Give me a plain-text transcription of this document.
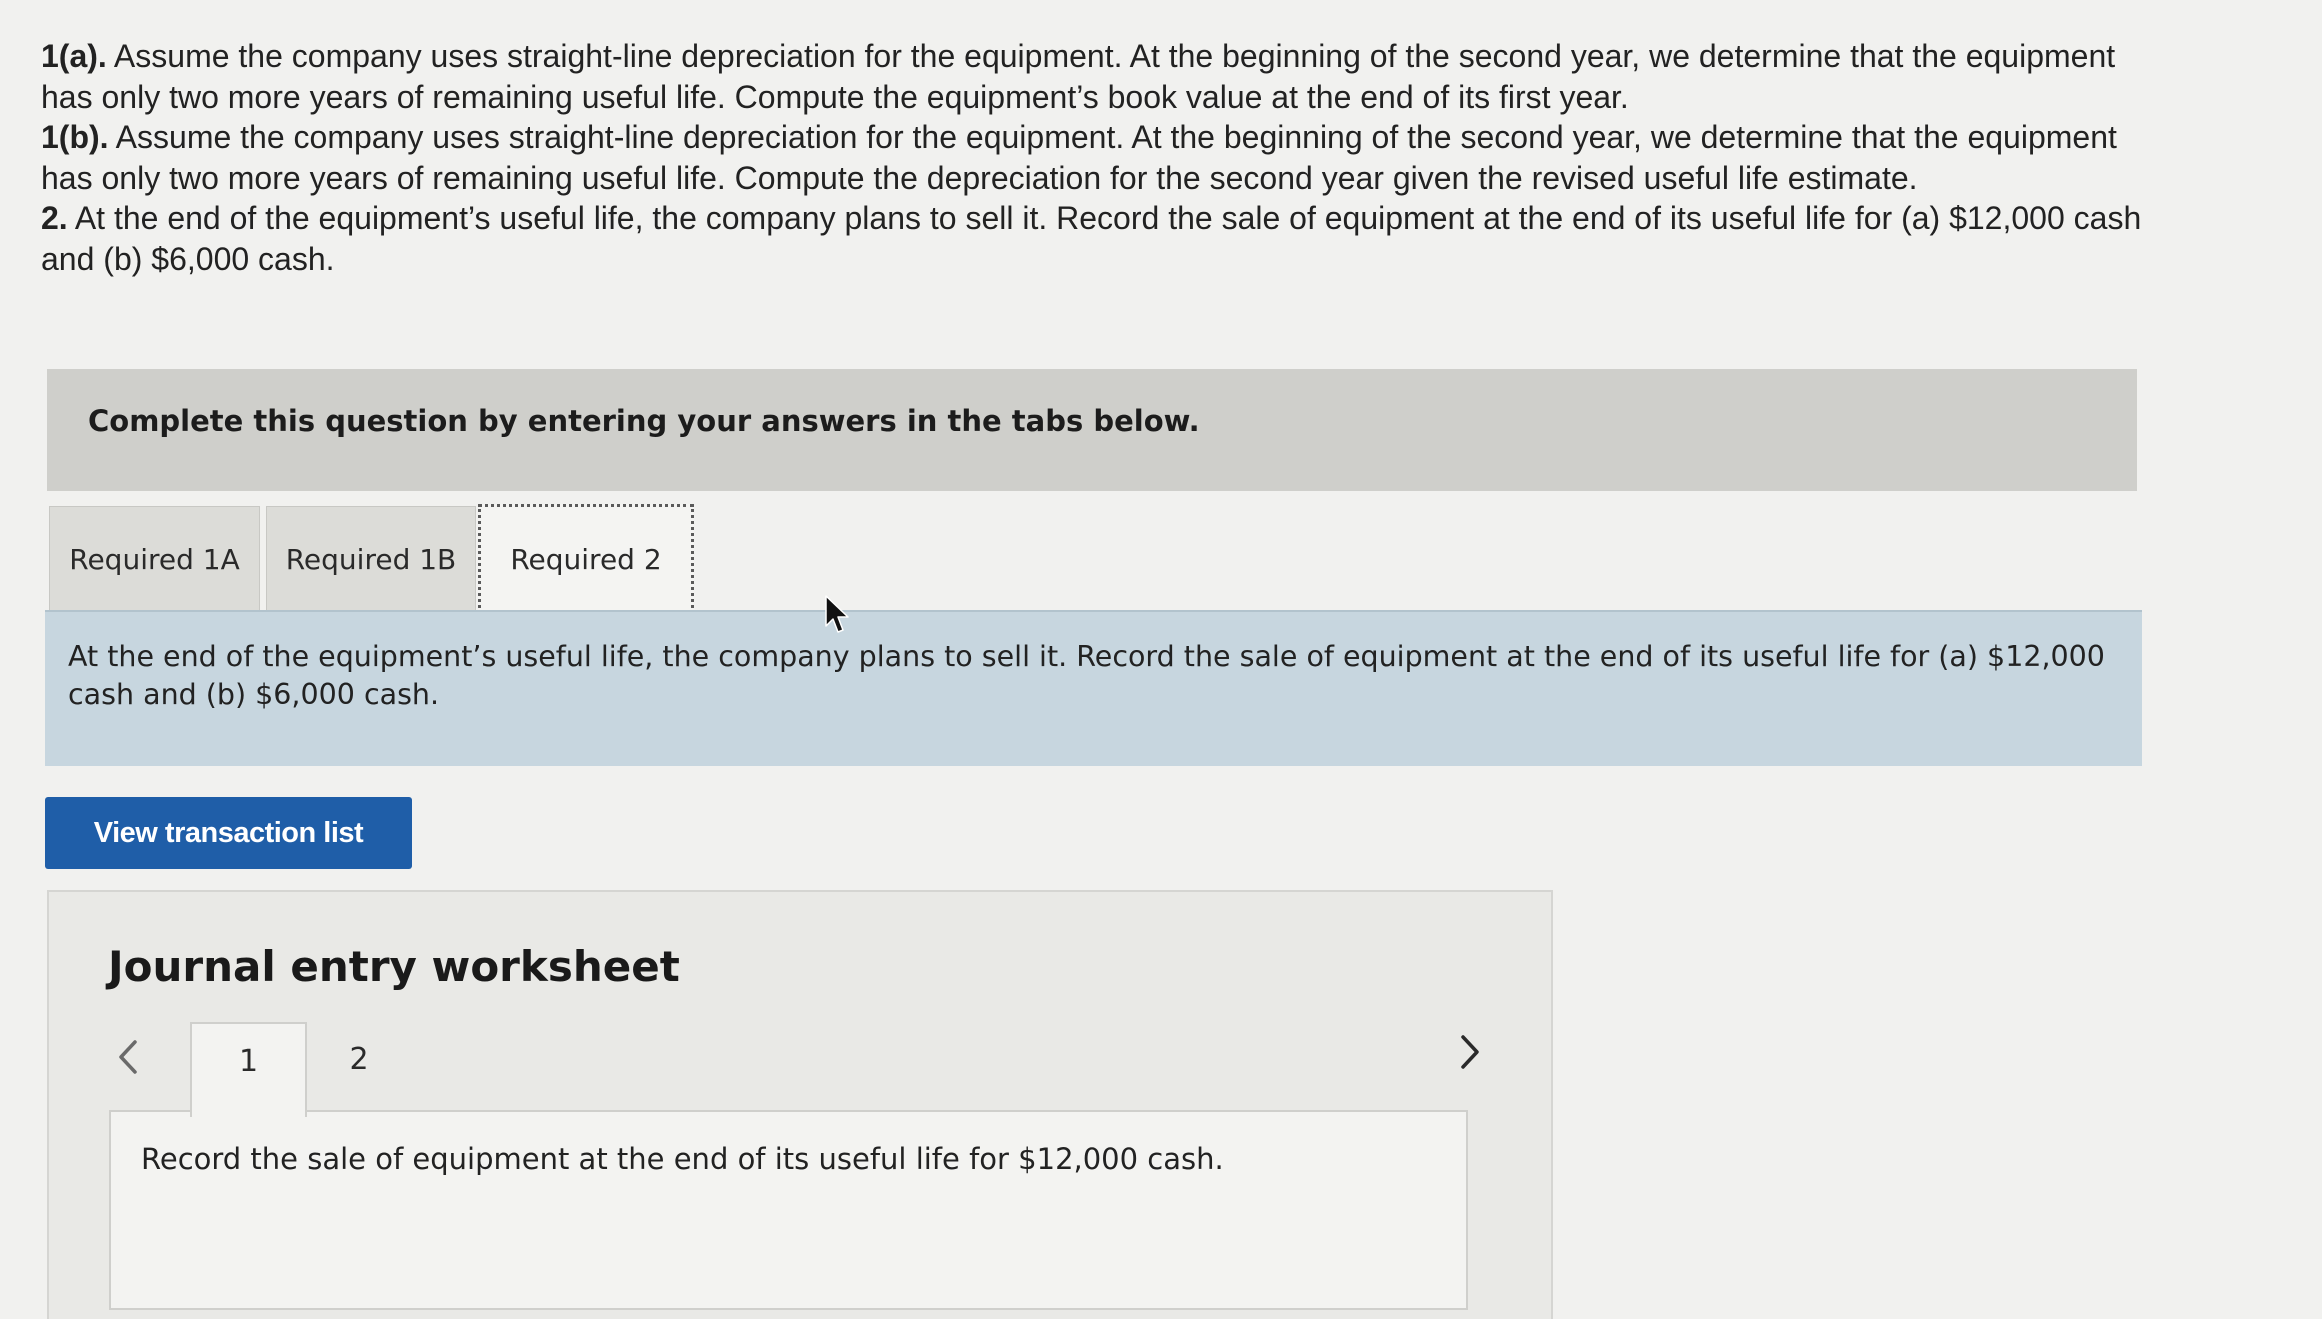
1(a). Assume the company uses straight-line depreciation for the equipment. At the beginning of the second year, we determine that the equipment has only two more years of remaining useful life. Compute the equipment’s book value at the end of its first year.

1(b). Assume the company uses straight-line depreciation for the equipment. At the beginning of the second year, we determine that the equipment has only two more years of remaining useful life. Compute the depreciation for the second year given the revised useful life estimate.

2. At the end of the equipment’s useful life, the company plans to sell it. Record the sale of equipment at the end of its useful life for (a) $12,000 cash and (b) $6,000 cash.

Complete this question by entering your answers in the tabs below.
Required 1A	Required 1B	Required 2

At the end of the equipment’s useful life, the company plans to sell it. Record the sale of equipment at the end of its useful life for (a) $12,000 cash and (b) $6,000 cash.

View transaction list
Journal entry worksheet
1	2

Record the sale of equipment at the end of its useful life for $12,000 cash.
